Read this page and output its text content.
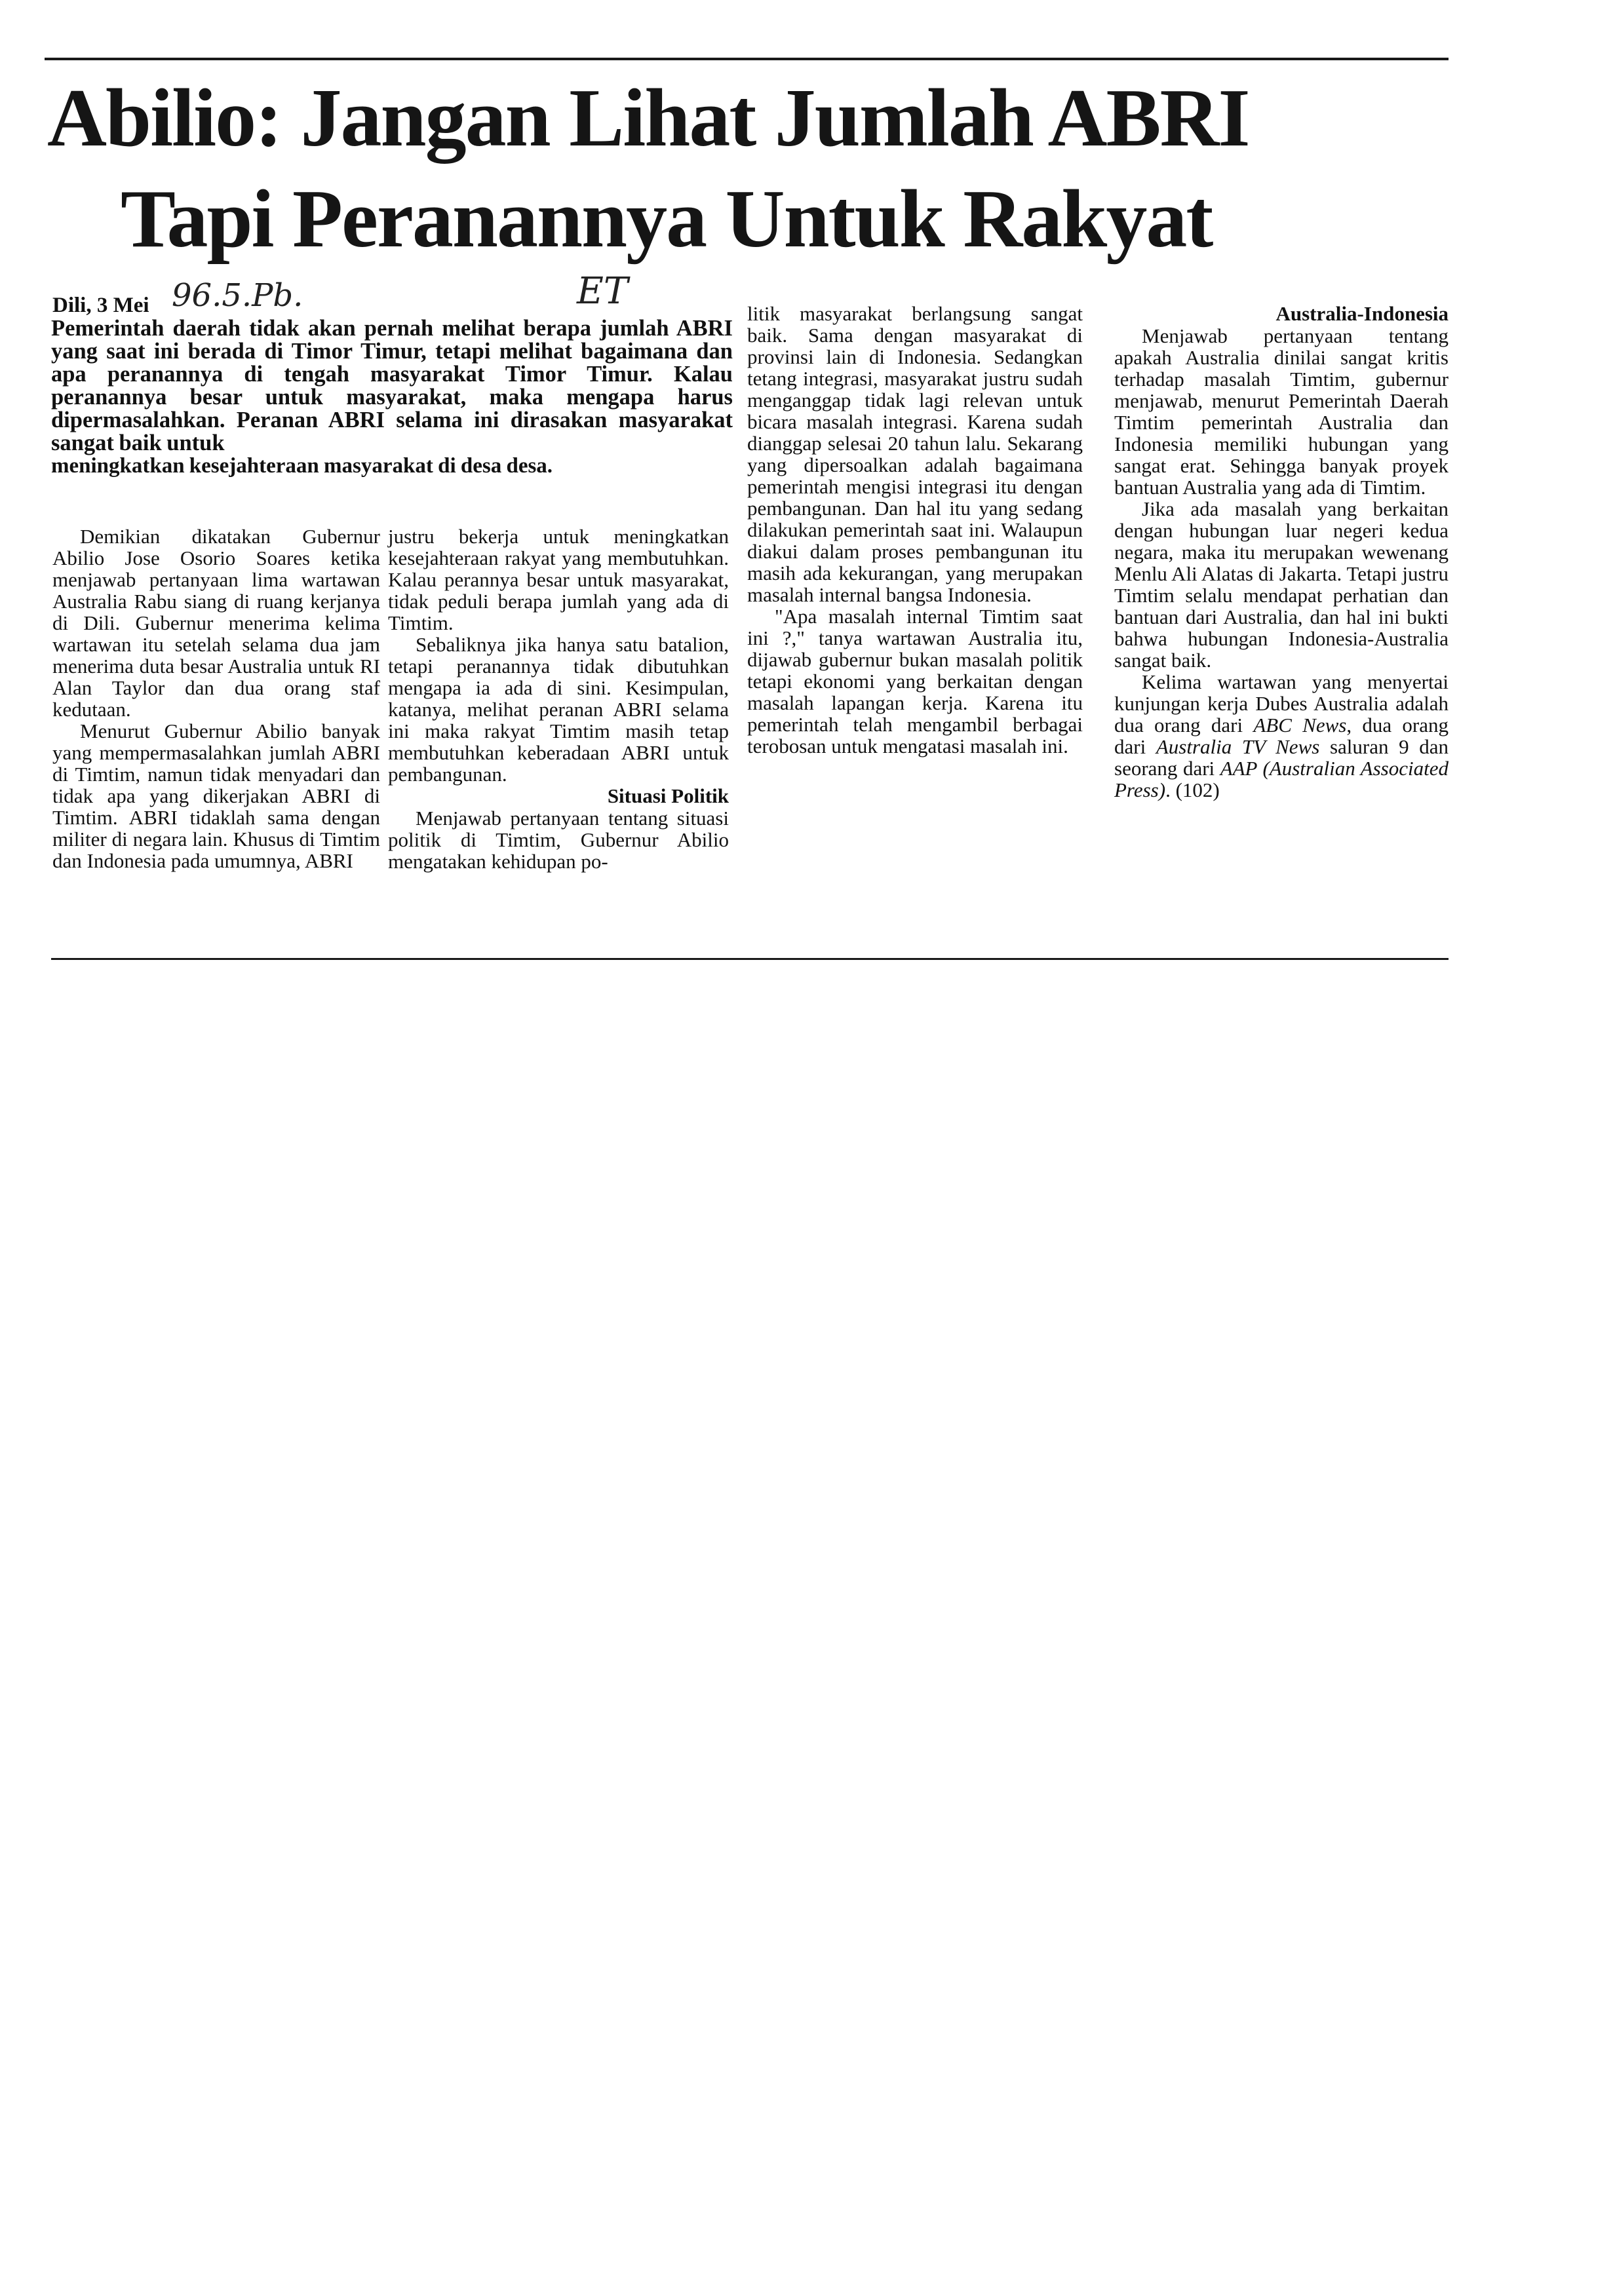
Abilio: Jangan Lihat Jumlah ABRI
Tapi Peranannya Untuk Rakyat
Dili, 3 Mei 96.5.Pb.	ET

Pemerintah daerah tidak akan pernah melihat berapa jumlah ABRI yang saat ini berada di Timor Timur, tetapi melihat bagaimana dan apa peranannya di tengah masyarakat Timor Timur. Kalau peranannya besar untuk masyarakat, maka mengapa harus dipermasalahkan. Peranan ABRI selama ini dirasakan masyarakat sangat baik untuk
meningkatkan kesejahteraan masyarakat di desa desa.

Demikian dikatakan Gubernur Abilio Jose Osorio Soares ketika menjawab pertanyaan lima wartawan Australia Rabu siang di ruang kerjanya di Dili. Gubernur menerima kelima wartawan itu setelah selama dua jam menerima duta besar Australia untuk RI Alan Taylor dan dua orang staf kedutaan.

Menurut Gubernur Abilio banyak yang mempermasalahkan jumlah ABRI di Timtim, namun tidak menyadari dan tidak apa yang dikerjakan ABRI di Timtim. ABRI tidaklah sama dengan militer di negara lain. Khusus di Timtim dan Indonesia pada umumnya, ABRI

justru bekerja untuk meningkatkan kesejahteraan rakyat yang membutuhkan. Kalau perannya besar untuk masyarakat, tidak peduli berapa jumlah yang ada di Timtim.

Sebaliknya jika hanya satu batalion, tetapi peranannya tidak dibutuhkan mengapa ia ada di sini. Kesimpulan, katanya, melihat peranan ABRI selama ini maka rakyat Timtim masih tetap membutuhkan keberadaan ABRI untuk pembangunan.

Situasi Politik

Menjawab pertanyaan tentang situasi politik di Timtim, Gubernur Abilio mengatakan kehidupan po-

litik masyarakat berlangsung sangat baik. Sama dengan masyarakat di provinsi lain di Indonesia. Sedangkan tetang integrasi, masyarakat justru sudah menganggap tidak lagi relevan untuk bicara masalah integrasi. Karena sudah dianggap selesai 20 tahun lalu. Sekarang yang dipersoalkan adalah bagaimana pemerintah mengisi integrasi itu dengan pembangunan. Dan hal itu yang sedang dilakukan pemerintah saat ini. Walaupun diakui dalam proses pembangunan itu masih ada kekurangan, yang merupakan masalah internal bangsa Indonesia.

"Apa masalah internal Timtim saat ini ?," tanya wartawan Australia itu, dijawab gubernur bukan masalah politik tetapi ekonomi yang berkaitan dengan masalah lapangan kerja. Karena itu pemerintah telah mengambil berbagai terobosan untuk mengatasi masalah ini.

Australia-Indonesia

Menjawab pertanyaan tentang apakah Australia dinilai sangat kritis terhadap masalah Timtim, gubernur menjawab, menurut Pemerintah Daerah Timtim pemerintah Australia dan Indonesia memiliki hubungan yang sangat erat. Sehingga banyak proyek bantuan Australia yang ada di Timtim.

Jika ada masalah yang berkaitan dengan hubungan luar negeri kedua negara, maka itu merupakan wewenang Menlu Ali Alatas di Jakarta. Tetapi justru Timtim selalu mendapat perhatian dan bantuan dari Australia, dan hal ini bukti bahwa hubungan Indonesia-Australia sangat baik.

Kelima wartawan yang menyertai kunjungan kerja Dubes Australia adalah dua orang dari ABC News, dua orang dari Australia TV News saluran 9 dan seorang dari AAP (Australian Associated Press). (102)
